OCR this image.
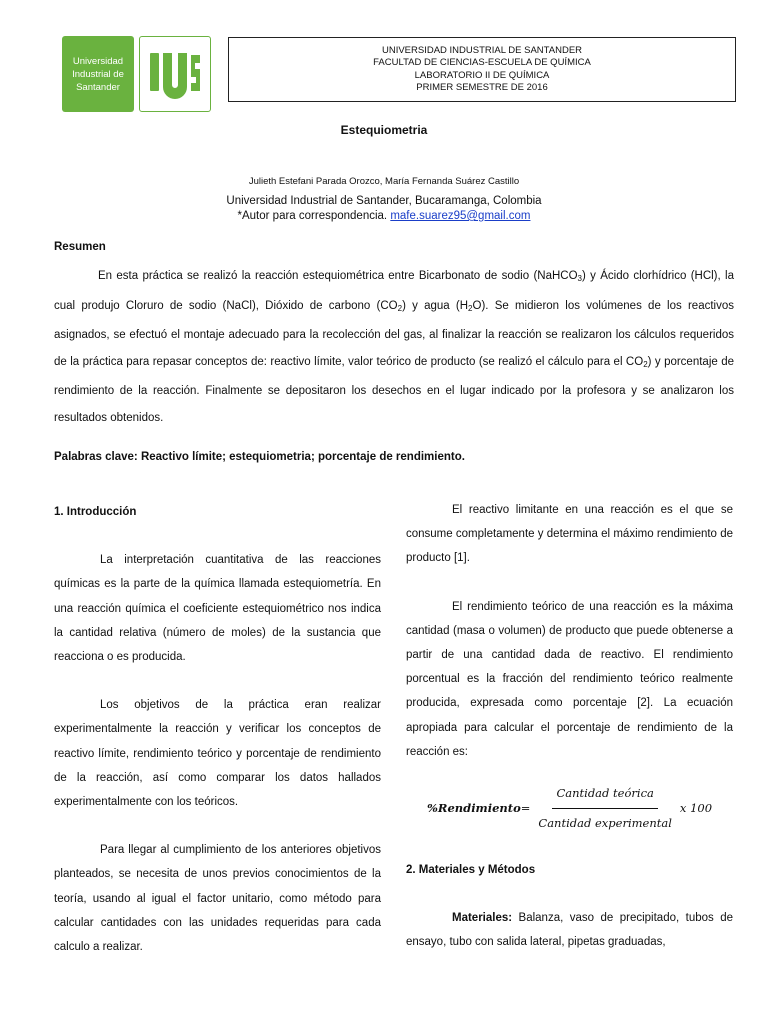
Universidad
Industrial de
Santander
UNIVERSIDAD INDUSTRIAL DE SANTANDER
FACULTAD DE CIENCIAS-ESCUELA DE QUÍMICA
LABORATORIO II DE QUÍMICA
PRIMER SEMESTRE DE 2016
Estequiometria
Julieth Estefani Parada Orozco, María Fernanda Suárez Castillo
Universidad Industrial de Santander, Bucaramanga, Colombia
*Autor para correspondencia. mafe.suarez95@gmail.com
Resumen

En esta práctica se realizó la reacción estequiométrica entre Bicarbonato de sodio (NaHCO$_3$) y Ácido clorhídrico (HCl), la cual produjo Cloruro de sodio (NaCl), Dióxido de carbono $(CO_2)$ y agua $(H_2O)$. Se midieron los volúmenes de los reactivos asignados, se efectuó el montaje adecuado para la recolección del gas, al finalizar la reacción se realizaron los cálculos requeridos de la práctica para repasar conceptos de: reactivo límite, valor teórico de producto (se realizó el cálculo para el $CO_2$) y porcentaje de rendimiento de la reacción. Finalmente se depositaron los desechos en el lugar indicado por la profesora y se analizaron los resultados obtenidos.

Palabras clave: Reactivo límite; estequiometria; porcentaje de rendimiento.
1. Introducción

La interpretación cuantitativa de las reacciones químicas es la parte de la química llamada estequiometría. En una reacción química el coeficiente estequiométrico nos indica la cantidad relativa (número de moles) de la sustancia que reacciona o es producida.

Los objetivos de la práctica eran realizar experimentalmente la reacción y verificar los conceptos de reactivo límite, rendimiento teórico y porcentaje de rendimiento de la reacción, así como comparar los datos hallados experimentalmente con los teóricos.

Para llegar al cumplimiento de los anteriores objetivos planteados, se necesita de unos previos conocimientos de la teoría, usando al igual el factor unitario, como método para calcular cantidades con las unidades requeridas para cada calculo a realizar.

El reactivo limitante en una reacción es el que se consume completamente y determina el máximo rendimiento de producto [1].

El rendimiento teórico de una reacción es la máxima cantidad (masa o volumen) de producto que puede obtenerse a partir de una cantidad dada de reactivo. El rendimiento porcentual es la fracción del rendimiento teórico realmente producida, expresada como porcentaje [2]. La ecuación apropiada para calcular el porcentaje de rendimiento de la reacción es:

%Rendimiento = $\frac{\text{Cantidad teórica}}{\text{Cantidad experimental}}$ x 100
2. Materiales y Métodos

Materiales: Balanza, vaso de precipitado, tubos de ensayo, tubo con salida lateral, pipetas graduadas,
